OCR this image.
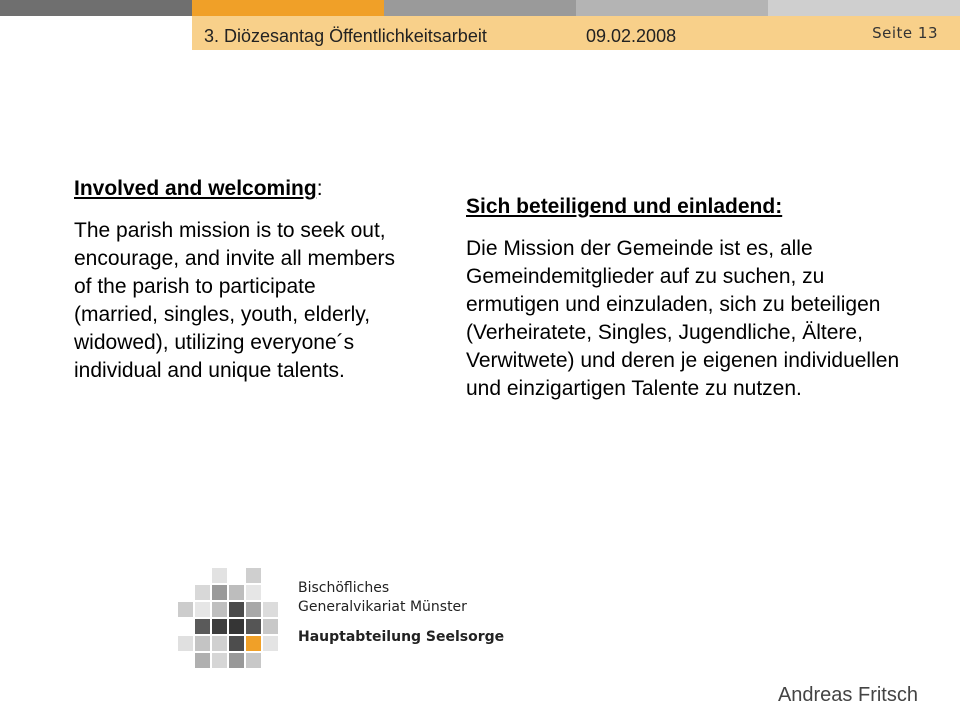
3. Diözesantag Öffentlichkeitsarbeit	09.02.2008	Seite 13
Involved and welcoming:

The parish mission is to seek out, encourage, and invite all members of the parish to participate (married, singles, youth, elderly, widowed), utilizing everyone´s individual and unique talents.

Sich beteiligend und einladend:

Die Mission der Gemeinde ist es, alle Gemeindemitglieder auf zu suchen, zu ermutigen und einzuladen, sich zu beteiligen (Verheiratete, Singles, Jugendliche, Ältere, Verwitwete) und deren je eigenen individuellen und einzigartigen Talente zu nutzen.

Bischöfliches
Generalvikariat Münster
Hauptabteilung Seelsorge
Andreas Fritsch
